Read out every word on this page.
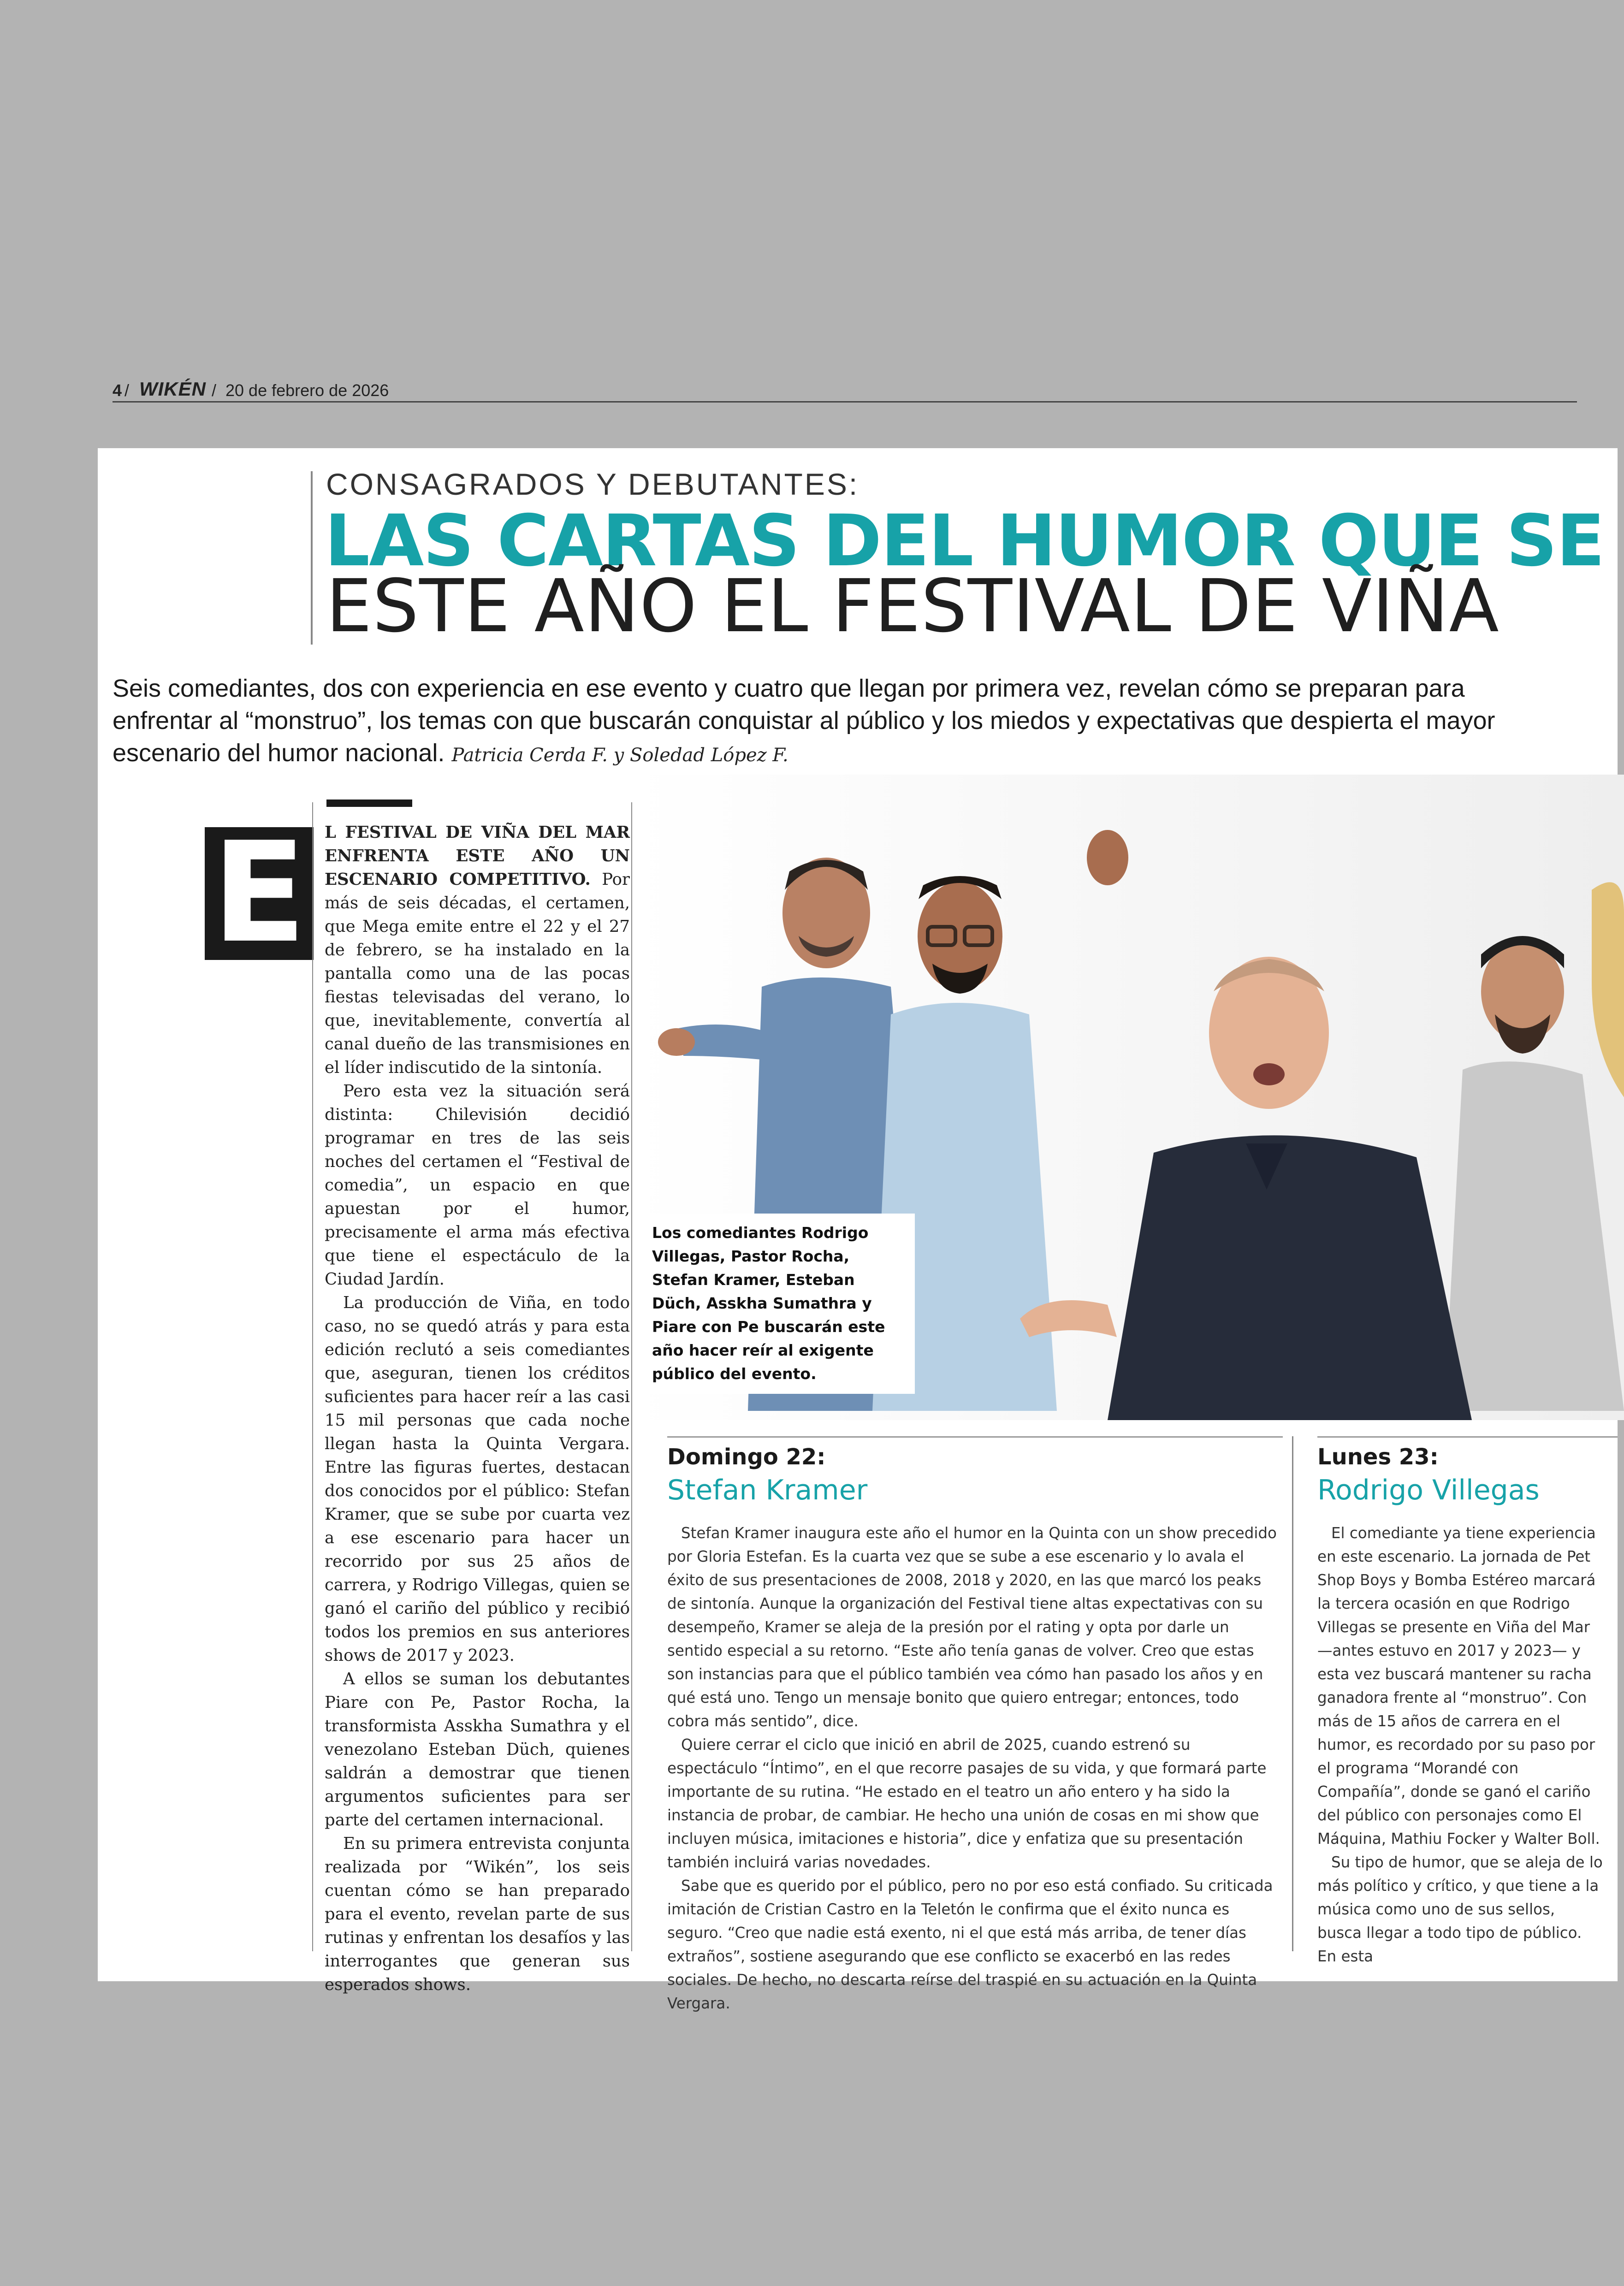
4 / WIKÉN / 20 de febrero de 2026
CONSAGRADOS Y DEBUTANTES:
LAS CARTAS DEL HUMOR QUE SE
ESTE AÑO EL FESTIVAL DE VIÑA
Seis comediantes, dos con experiencia en ese evento y cuatro que llegan por primera vez, revelan cómo se preparan para enfrentar al “monstruo”, los temas con que buscarán conquistar al público y los miedos y expectativas que despierta el mayor escenario del humor nacional. Patricia Cerda F. y Soledad López F.
Los comediantes Rodrigo Villegas, Pastor Rocha, Stefan Kramer, Esteban Düch, Asskha Sumathra y Piare con Pe buscarán este año hacer reír al exigente público del evento.
E	L FESTIVAL DE VIÑA DEL MAR ENFRENTA ESTE AÑO UN ESCENARIO COMPETITIVO. Por más de seis décadas, el certamen, que Mega emite entre el 22 y el 27 de febrero, se ha instalado en la pantalla como una de las pocas fiestas televisadas del verano, lo que, inevitablemente, convertía al canal dueño de las transmisiones en el líder indiscutido de la sintonía.

Pero esta vez la situación será distinta: Chilevisión decidió programar en tres de las seis noches del certamen el “Festival de comedia”, un espacio en que apuestan por el humor, precisamente el arma más efectiva que tiene el espectáculo de la Ciudad Jardín.

La producción de Viña, en todo caso, no se quedó atrás y para esta edición reclutó a seis comediantes que, aseguran, tienen los créditos suficientes para hacer reír a las casi 15 mil personas que cada noche llegan hasta la Quinta Vergara. Entre las figuras fuertes, destacan dos conocidos por el público: Stefan Kramer, que se sube por cuarta vez a ese escenario para hacer un recorrido por sus 25 años de carrera, y Rodrigo Villegas, quien se ganó el cariño del público y recibió todos los premios en sus anteriores shows de 2017 y 2023.

A ellos se suman los debutantes Piare con Pe, Pastor Rocha, la transformista Asskha Sumathra y el venezolano Esteban Düch, quienes saldrán a demostrar que tienen argumentos suficientes para ser parte del certamen internacional.

En su primera entrevista conjunta realizada por “Wikén”, los seis cuentan cómo se han preparado para el evento, revelan parte de sus rutinas y enfrentan los desafíos y las interrogantes que generan sus esperados shows.

Domingo 22:
Stefan Kramer

Stefan Kramer inaugura este año el humor en la Quinta con un show precedido por Gloria Estefan. Es la cuarta vez que se sube a ese escenario y lo avala el éxito de sus presentaciones de 2008, 2018 y 2020, en las que marcó los peaks de sintonía. Aunque la organización del Festival tiene altas expectativas con su desempeño, Kramer se aleja de la presión por el rating y opta por darle un sentido especial a su retorno. “Este año tenía ganas de volver. Creo que estas son instancias para que el público también vea cómo han pasado los años y en qué está uno. Tengo un mensaje bonito que quiero entregar; entonces, todo cobra más sentido”, dice.

Quiere cerrar el ciclo que inició en abril de 2025, cuando estrenó su espectáculo “Íntimo”, en el que recorre pasajes de su vida, y que formará parte importante de su rutina. “He estado en el teatro un año entero y ha sido la instancia de probar, de cambiar. He hecho una unión de cosas en mi show que incluyen música, imitaciones e historia”, dice y enfatiza que su presentación también incluirá varias novedades.

Sabe que es querido por el público, pero no por eso está confiado. Su criticada imitación de Cristian Castro en la Teletón le confirma que el éxito nunca es seguro. “Creo que nadie está exento, ni el que está más arriba, de tener días extraños”, sostiene asegurando que ese conflicto se exacerbó en las redes sociales. De hecho, no descarta reírse del traspié en su actuación en la Quinta Vergara.

Lunes 23:
Rodrigo Villegas

El comediante ya tiene experiencia en este escenario. La jornada de Pet Shop Boys y Bomba Estéreo marcará la tercera ocasión en que Rodrigo Villegas se presente en Viña del Mar —antes estuvo en 2017 y 2023— y esta vez buscará mantener su racha ganadora frente al “monstruo”. Con más de 15 años de carrera en el humor, es recordado por su paso por el programa “Morandé con Compañía”, donde se ganó el cariño del público con personajes como El Máquina, Mathiu Focker y Walter Boll.

Su tipo de humor, que se aleja de lo más político y crítico, y que tiene a la música como uno de sus sellos, busca llegar a todo tipo de público. En esta
